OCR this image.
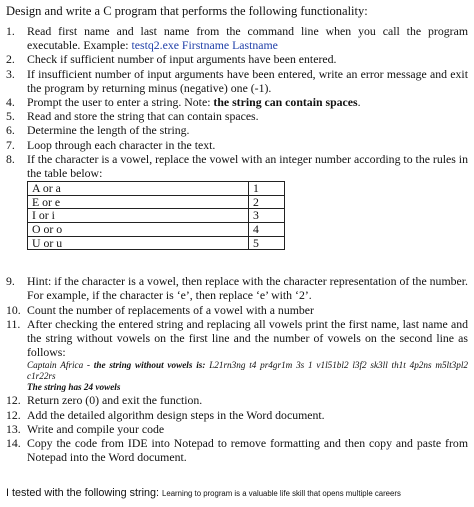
Design and write a C program that performs the following functionality:
1.	Read first name and last name from the command line when you call the program executable. Example: testq2.exe Firstname Lastname
2.	Check if sufficient number of input arguments have been entered.
3.	If insufficient number of input arguments have been entered, write an error message and exit the program by returning minus (negative) one (-1).
4.	Prompt the user to enter a string. Note: the string can contain spaces.
5.	Read and store the string that can contain spaces.
6.	Determine the length of the string.
7.	Loop through each character in the text.
8.	If the character is a vowel, replace the vowel with an integer number according to the rules in the table below:
A or a	1
E or e	2
I or i	3
O or o	4
U or u	5
9.	Hint: if the character is a vowel, then replace with the character representation of the number. For example, if the character is ‘e’, then replace ‘e’ with ‘2’.
10. Count the number of replacements of a vowel with a number
11. After checking the entered string and replacing all vowels print the first name, last name and the string without vowels on the first line and the number of vowels on the second line as follows:
Captain Africa - the string without vowels is: L21rn3ng t4 pr4gr1m 3s 1 v1l51bl2 l3f2 sk3ll th1t 4p2ns m5lt3pl2 c1r22rs
The string has 24 vowels
12. Return zero (0) and exit the function.
12. Add the detailed algorithm design steps in the Word document.
13. Write and compile your code
14. Copy the code from IDE into Notepad to remove formatting and then copy and paste from Notepad into the Word document.
I tested with the following string: Learning to program is a valuable life skill that opens multiple careers
